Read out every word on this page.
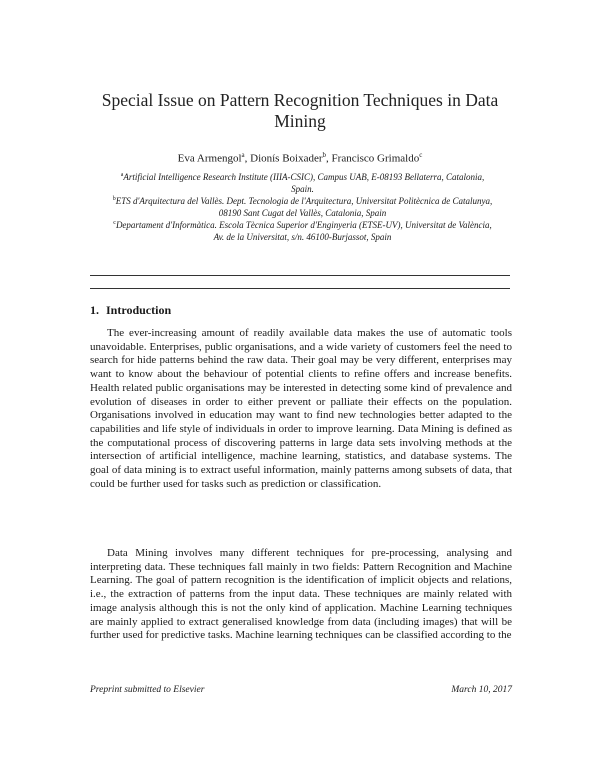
Special Issue on Pattern Recognition Techniques in Data Mining
Eva Armengol$^a$, Dionís Boixader$^b$, Francisco Grimaldo$^c$
$^a$Artificial Intelligence Research Institute (IIIA-CSIC), Campus UAB, E-08193 Bellaterra, Catalonia, Spain.
$^b$ETS d'Arquitectura del Vallès. Dept. Tecnologia de l'Arquitectura, Universitat Politècnica de Catalunya, 08190 Sant Cugat del Vallès, Catalonia, Spain
$^c$Departament d'Informàtica. Escola Tècnica Superior d'Enginyeria (ETSE-UV), Universitat de València, Av. de la Universitat, s/n. 46100-Burjassot, Spain
1. Introduction

The ever-increasing amount of readily available data makes the use of automatic tools unavoidable. Enterprises, public organisations, and a wide variety of customers feel the need to search for hide patterns behind the raw data. Their goal may be very different, enterprises may want to know about the behaviour of potential clients to refine offers and increase benefits. Health related public organisations may be interested in detecting some kind of prevalence and evolution of diseases in order to either prevent or palliate their effects on the population. Organisations involved in education may want to find new technologies better adapted to the capabilities and life style of individuals in order to improve learning. Data Mining is defined as the computational process of discovering patterns in large data sets involving methods at the intersection of artificial intelligence, machine learning, statistics, and database systems. The goal of data mining is to extract useful information, mainly patterns among subsets of data, that could be further used for tasks such as prediction or classification.

Data Mining involves many different techniques for pre-processing, analysing and interpreting data. These techniques fall mainly in two fields: Pattern Recognition and Machine Learning. The goal of pattern recognition is the identification of implicit objects and relations, i.e., the extraction of patterns from the input data. These techniques are mainly related with image analysis although this is not the only kind of application. Machine Learning techniques are mainly applied to extract generalised knowledge from data (including images) that will be further used for predictive tasks. Machine learning techniques can be classified according to the

Preprint submitted to Elsevier	March 10, 2017
